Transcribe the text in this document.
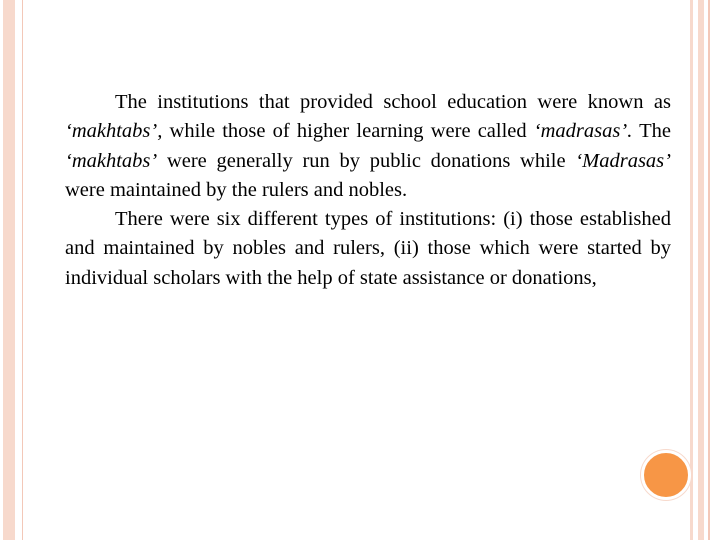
The institutions that provided school education were known as ‘makhtabs’, while those of higher learning were called ‘madrasas’. The ‘makhtabs’ were generally run by public donations while ‘Madrasas’ were maintained by the rulers and nobles.

There were six different types of institutions: (i) those established and maintained by nobles and rulers, (ii) those which were started by individual scholars with the help of state assistance or donations,
